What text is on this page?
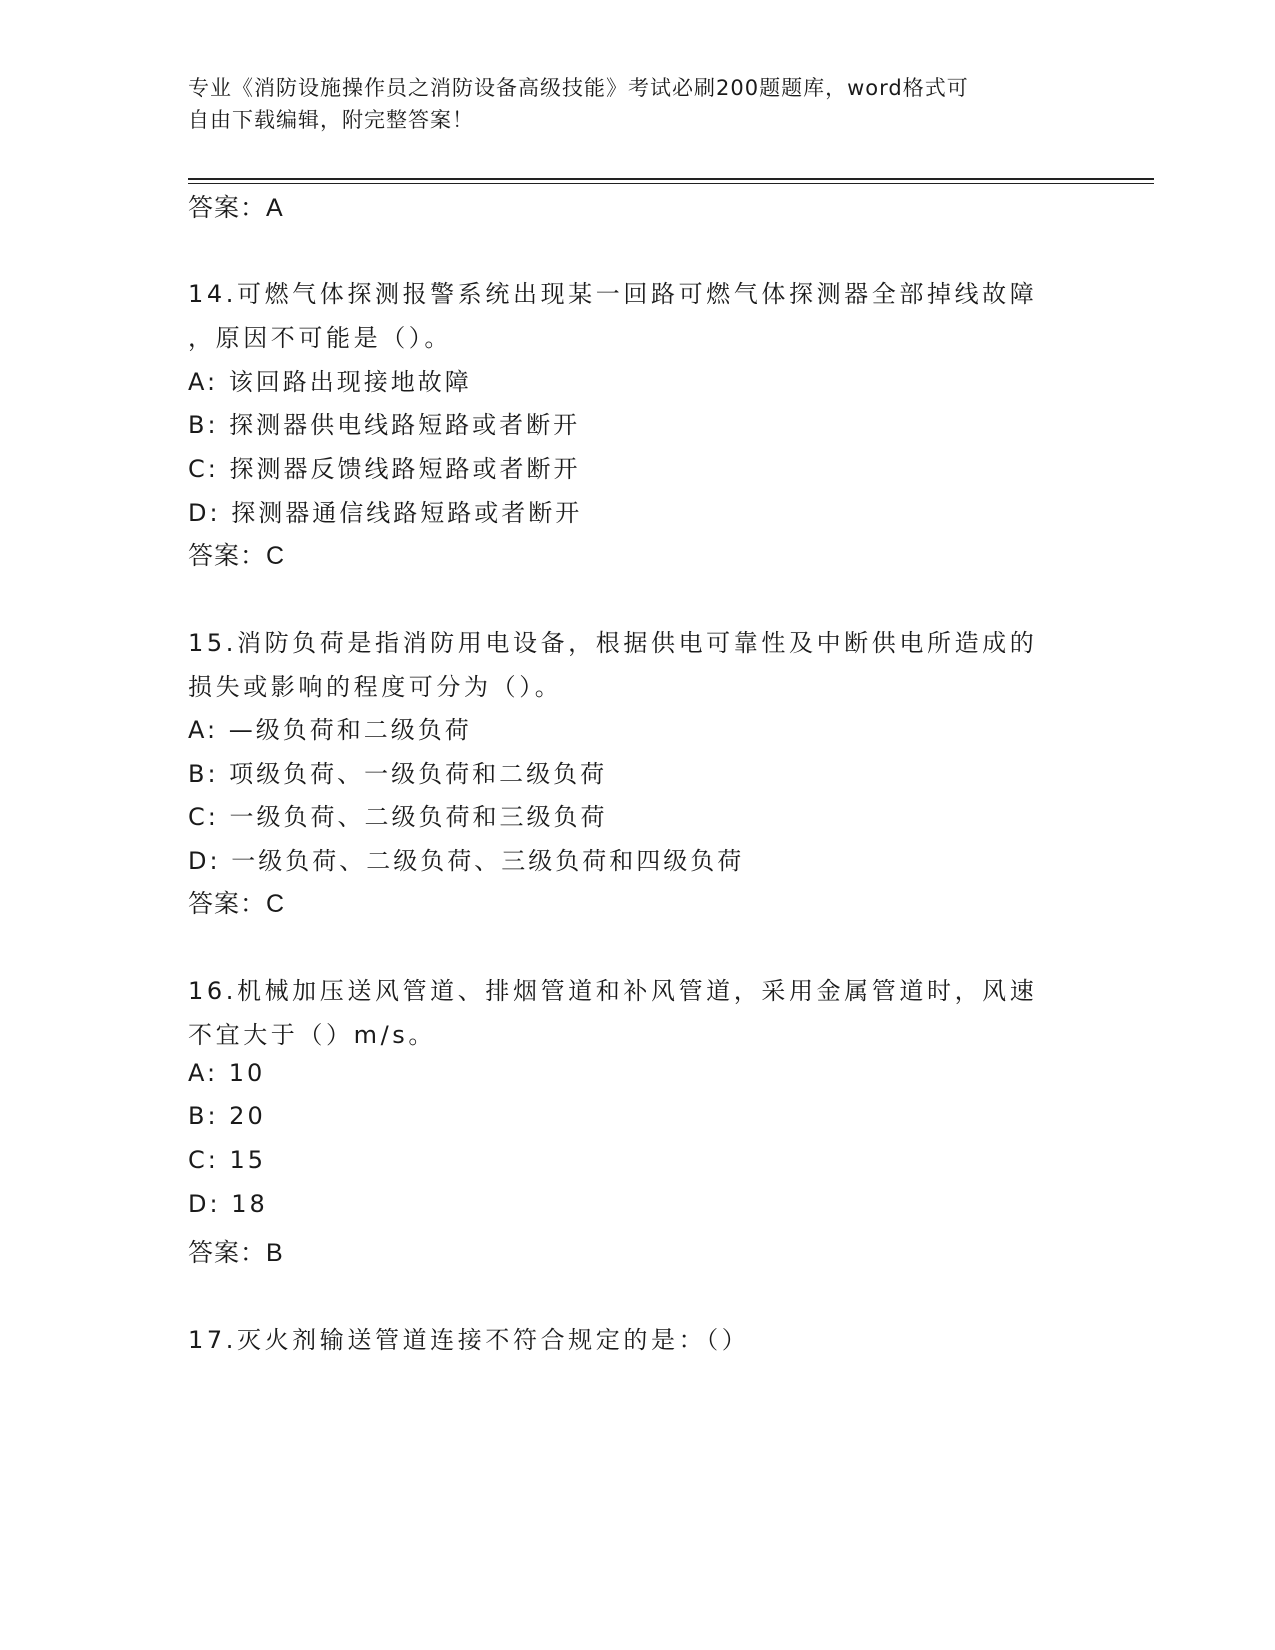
专业《消防设施操作员之消防设备高级技能》考试必刷200题题库，word格式可
自由下载编辑，附完整答案！
答案：A
14.可燃气体探测报警系统出现某一回路可燃气体探测器全部掉线故障
，原因不可能是（）。
A: 该回路出现接地故障
B: 探测器供电线路短路或者断开
C: 探测器反馈线路短路或者断开
D: 探测器通信线路短路或者断开
答案：C
15.消防负荷是指消防用电设备，根据供电可靠性及中断供电所造成的
损失或影响的程度可分为（）。
A: —级负荷和二级负荷
B: 项级负荷、一级负荷和二级负荷
C: 一级负荷、二级负荷和三级负荷
D: 一级负荷、二级负荷、三级负荷和四级负荷
答案：C
16.机械加压送风管道、排烟管道和补风管道，采用金属管道时，风速
不宜大于（）m/s。
A: 10
B: 20
C: 15
D: 18
答案：B
17.灭火剂输送管道连接不符合规定的是：（）
